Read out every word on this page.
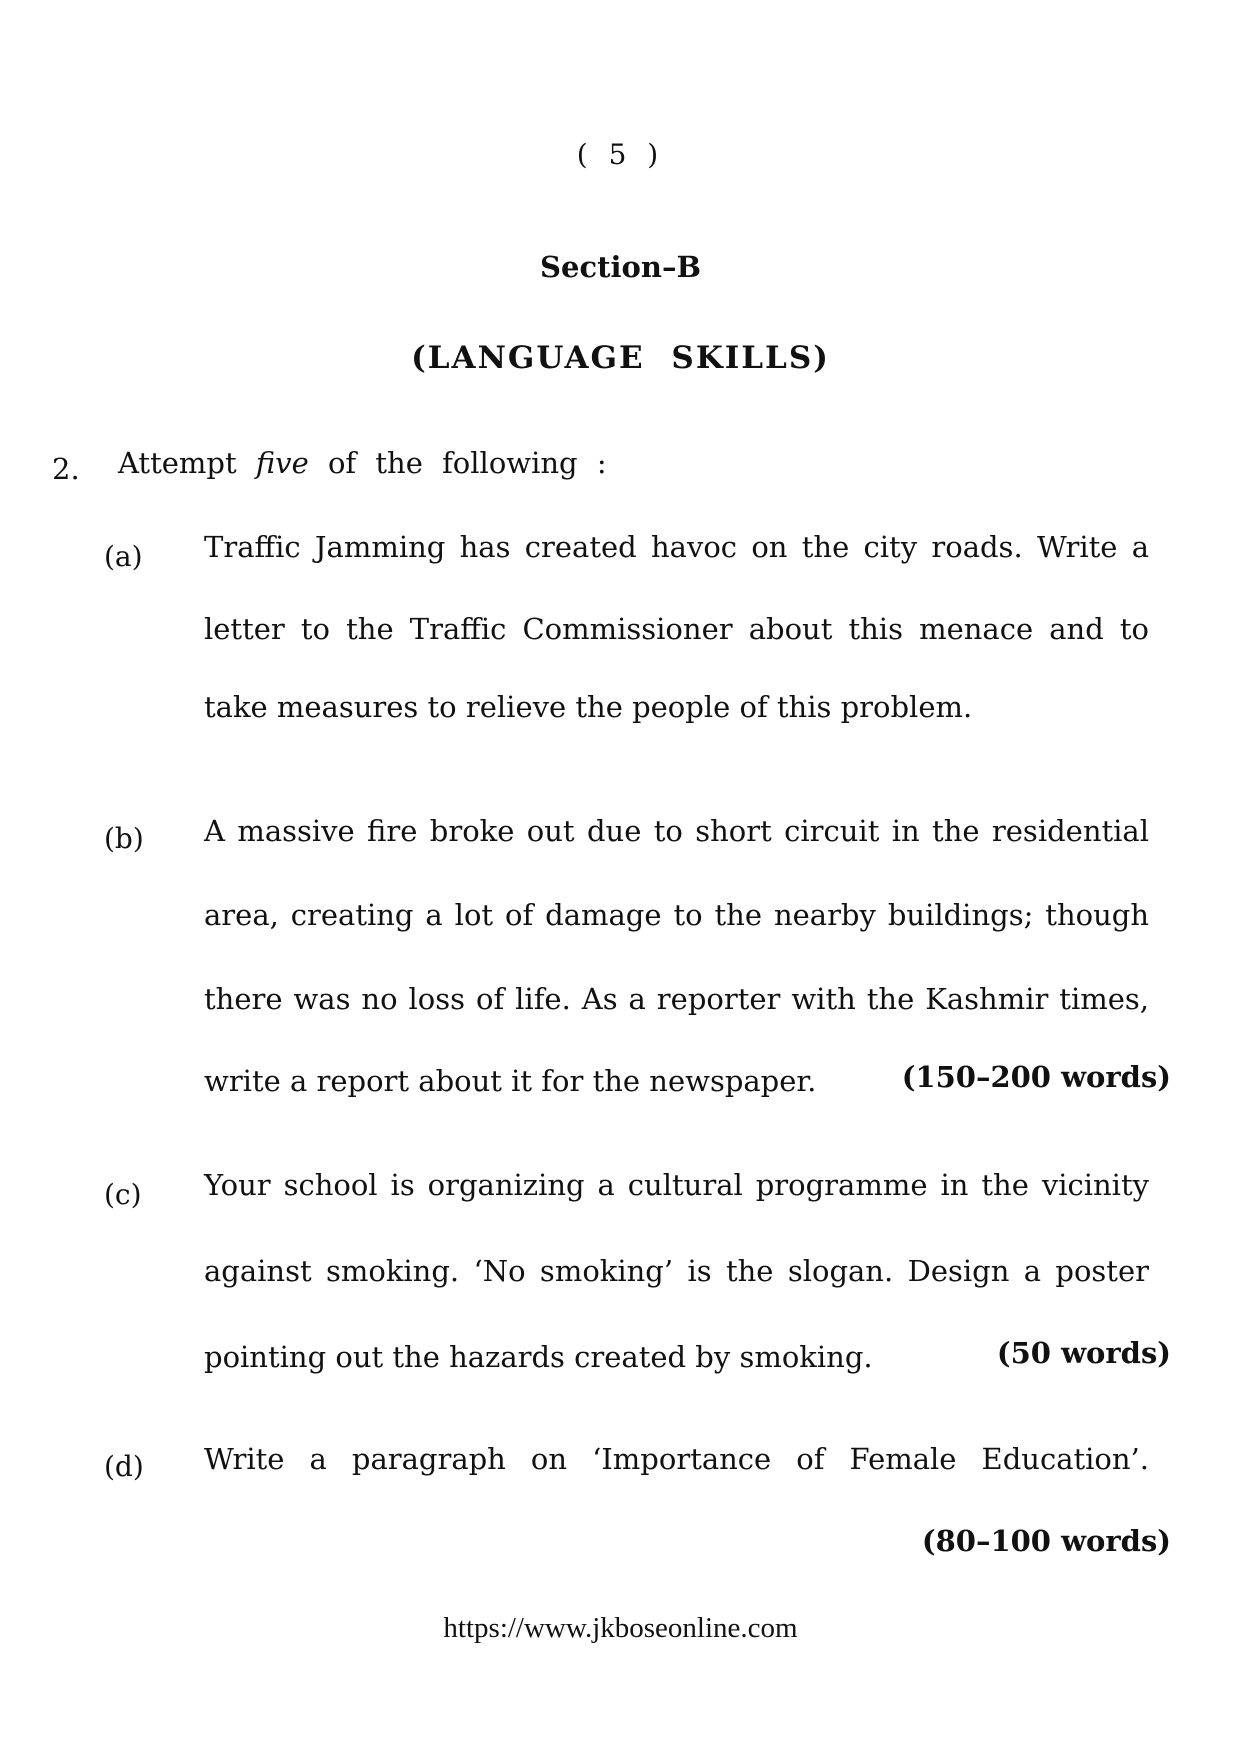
( 5 )
Section–B
(LANGUAGE SKILLS)
2. Attempt five of the following :
(a) Traffic Jamming has created havoc on the city roads. Write a
letter to the Traffic Commissioner about this menace and to
take measures to relieve the people of this problem.
(b) A massive fire broke out due to short circuit in the residential
area, creating a lot of damage to the nearby buildings; though
there was no loss of life. As a reporter with the Kashmir times,
write a report about it for the newspaper.	(150–200 words)
(c) Your school is organizing a cultural programme in the vicinity
against smoking. ‘No smoking’ is the slogan. Design a poster
pointing out the hazards created by smoking.	(50 words)
(d) Write a paragraph on ‘Importance of Female Education’.
(80–100 words)
https://www.jkboseonline.com
